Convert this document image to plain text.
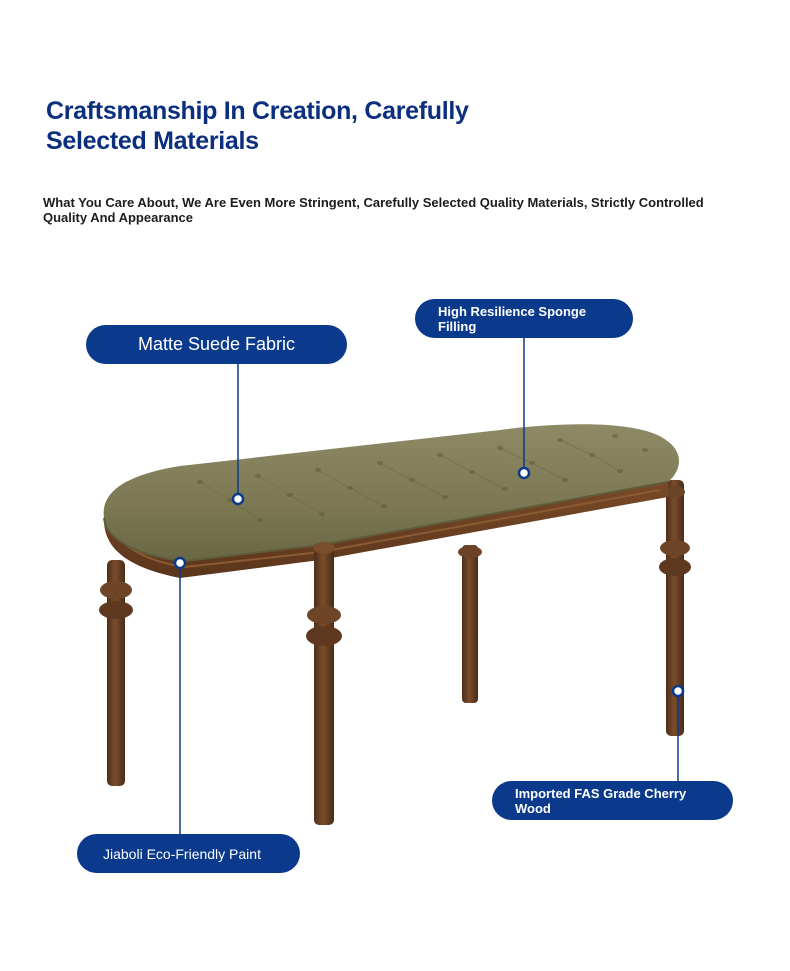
Craftsmanship In Creation, Carefully Selected Materials
What You Care About, We Are Even More Stringent, Carefully Selected Quality Materials, Strictly Controlled Quality And Appearance
Matte Suede Fabric
High Resilience Sponge Filling
Imported FAS Grade Cherry Wood
Jiaboli Eco-Friendly Paint
